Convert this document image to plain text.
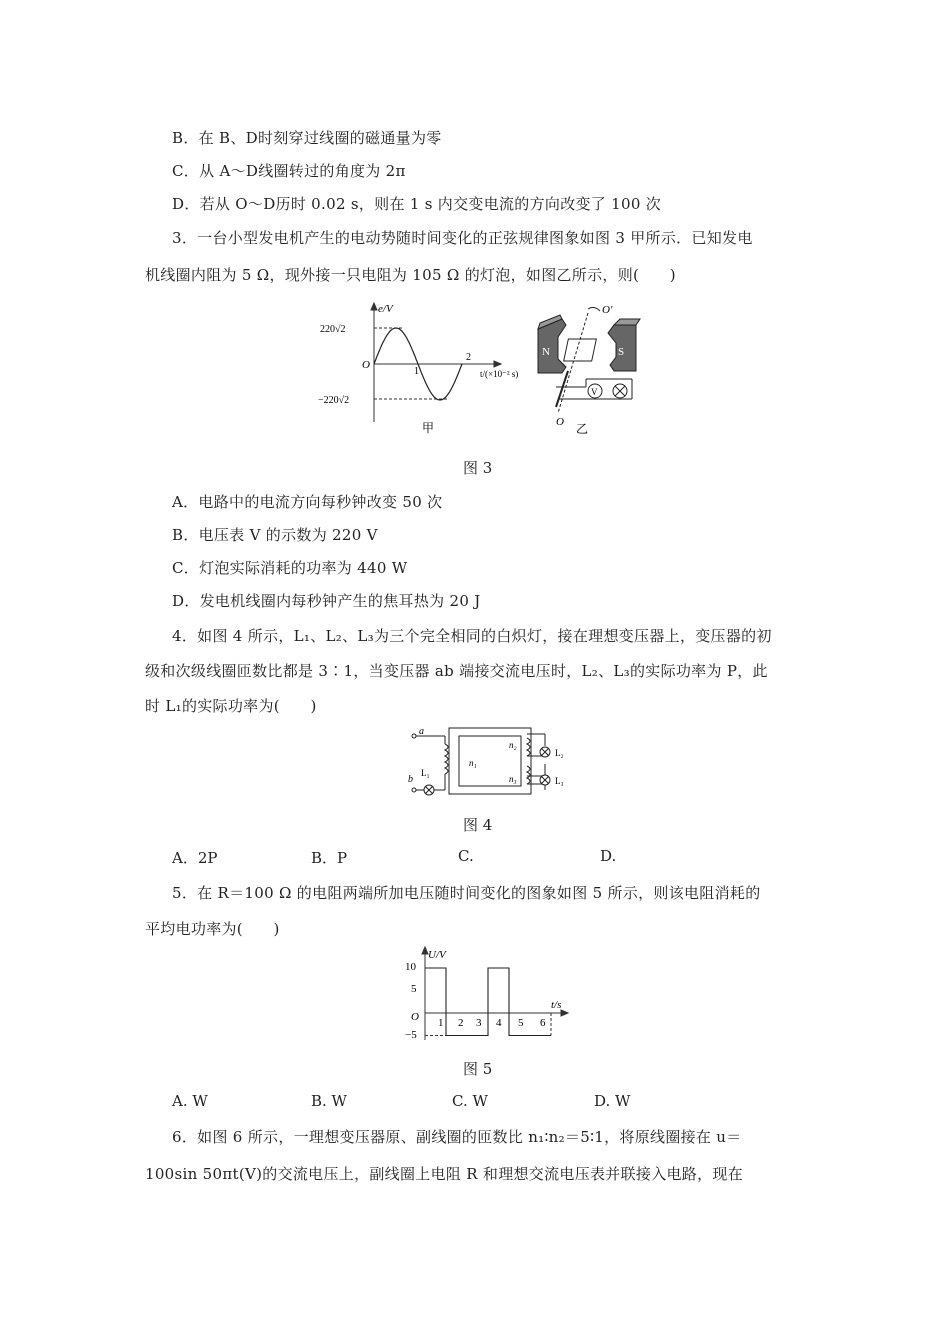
B．在 B、D时刻穿过线圈的磁通量为零
C．从 A～D线圈转过的角度为 2π
D．若从 O～D历时 0.02 s，则在 1 s 内交变电流的方向改变了 100 次
3．一台小型发电机产生的电动势随时间变化的正弦规律图象如图 3 甲所示．已知发电
机线圈内阻为 5 Ω，现外接一只电阻为 105 Ω 的灯泡，如图乙所示，则(　　)
e/V
220√2
−220√2
O
1
2
t/(×10⁻² s)
甲
N	S
O′
O
V
乙
图 3
A．电路中的电流方向每秒钟改变 50 次
B．电压表 V 的示数为 220 V
C．灯泡实际消耗的功率为 440 W
D．发电机线圈内每秒钟产生的焦耳热为 20 J
4．如图 4 所示，L₁、L₂、L₃为三个完全相同的白炽灯，接在理想变压器上，变压器的初
级和次级线圈匝数比都是 3∶1，当变压器 ab 端接交流电压时，L₂、L₃的实际功率为 P，此
时 L₁的实际功率为(　　)
a
b
L₁
n₁
n₂
n₃
L₂
L₃
图 4
A．2P	B．P	C.	D.
5．在 R＝100 Ω 的电阻两端所加电压随时间变化的图象如图 5 所示，则该电阻消耗的
平均电功率为(　　)
U/V
t/s
O
10
5
−5
1 2 3 4 5 6
图 5
A. W	B. W	C. W	D. W
6．如图 6 所示，一理想变压器原、副线圈的匝数比 n₁∶n₂＝5∶1，将原线圈接在 u＝
100sin 50πt(V)的交流电压上，副线圈上电阻 R 和理想交流电压表并联接入电路，现在
